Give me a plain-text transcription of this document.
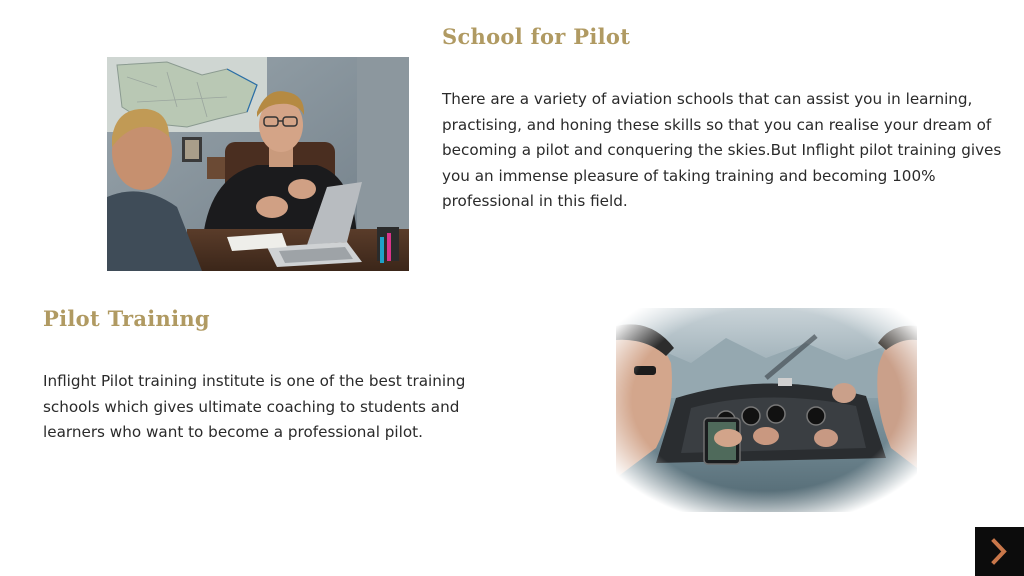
School for Pilot

There are a variety of aviation schools that can assist you in learning, practising, and honing these skills so that you can realise your dream of becoming a pilot and conquering the skies.But Inflight pilot training gives you an immense pleasure of taking training and becoming 100% professional in this field.

Pilot Training

Inflight Pilot training institute is one of the best training schools which gives ultimate coaching to students and learners who want to become a professional pilot.
